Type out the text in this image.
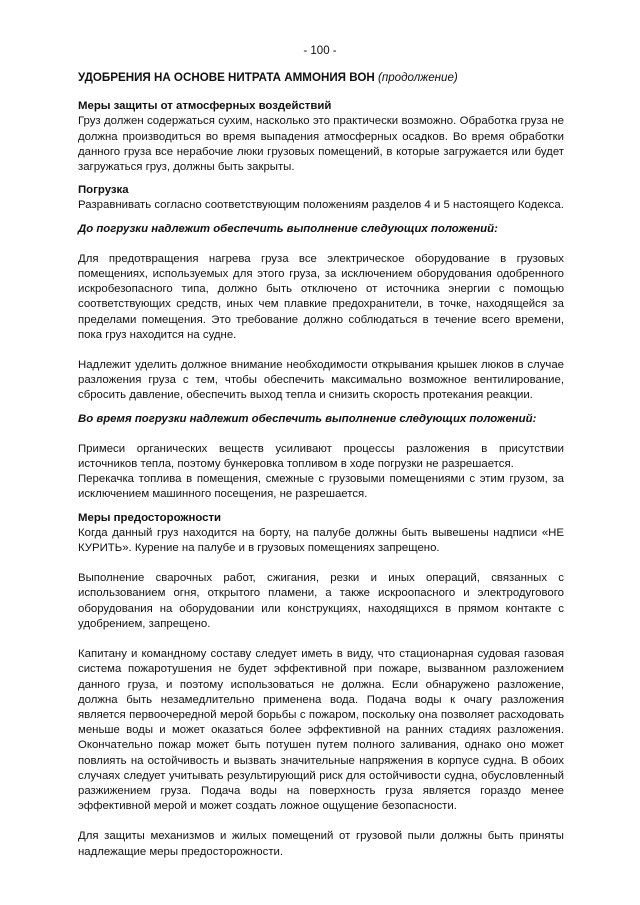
- 100 -

УДОБРЕНИЯ НА ОСНОВЕ НИТРАТА АММОНИЯ ВОН (продолжение)

Меры защиты от атмосферных воздействий

Груз должен содержаться сухим, насколько это практически возможно. Обработка груза не должна производиться во время выпадения атмосферных осадков. Во время обработки данного груза все нерабочие люки грузовых помещений, в которые загружается или будет загружаться груз, должны быть закрыты.

Погрузка

Разравнивать согласно соответствующим положениям разделов 4 и 5 настоящего Кодекса.

До погрузки надлежит обеспечить выполнение следующих положений:

Для предотвращения нагрева груза все электрическое оборудование в грузовых помещениях, используемых для этого груза, за исключением оборудования одобренного искробезопасного типа, должно быть отключено от источника энергии с помощью соответствующих средств, иных чем плавкие предохранители, в точке, находящейся за пределами помещения. Это требование должно соблюдаться в течение всего времени, пока груз находится на судне.

Надлежит уделить должное внимание необходимости открывания крышек люков в случае разложения груза с тем, чтобы обеспечить максимально возможное вентилирование, сбросить давление, обеспечить выход тепла и снизить скорость протекания реакции.

Во время погрузки надлежит обеспечить выполнение следующих положений:

Примеси органических веществ усиливают процессы разложения в присутствии источников тепла, поэтому бункеровка топливом в ходе погрузки не разрешается.

Перекачка топлива в помещения, смежные с грузовыми помещениями с этим грузом, за исключением машинного посещения, не разрешается.

Меры предосторожности

Когда данный груз находится на борту, на палубе должны быть вывешены надписи «НЕ КУРИТЬ». Курение на палубе и в грузовых помещениях запрещено.

Выполнение сварочных работ, сжигания, резки и иных операций, связанных с использованием огня, открытого пламени, а также искроопасного и электродугового оборудования на оборудовании или конструкциях, находящихся в прямом контакте с удобрением, запрещено.

Капитану и командному составу следует иметь в виду, что стационарная судовая газовая система пожаротушения не будет эффективной при пожаре, вызванном разложением данного груза, и поэтому использоваться не должна. Если обнаружено разложение, должна быть незамедлительно применена вода. Подача воды к очагу разложения является первоочередной мерой борьбы с пожаром, поскольку она позволяет расходовать меньше воды и может оказаться более эффективной на ранних стадиях разложения. Окончательно пожар может быть потушен путем полного заливания, однако оно может повлиять на остойчивость и вызвать значительные напряжения в корпусе судна. В обоих случаях следует учитывать результирующий риск для остойчивости судна, обусловленный разжижением груза. Подача воды на поверхность груза является гораздо менее эффективной мерой и может создать ложное ощущение безопасности.

Для защиты механизмов и жилых помещений от грузовой пыли должны быть приняты надлежащие меры предосторожности.
